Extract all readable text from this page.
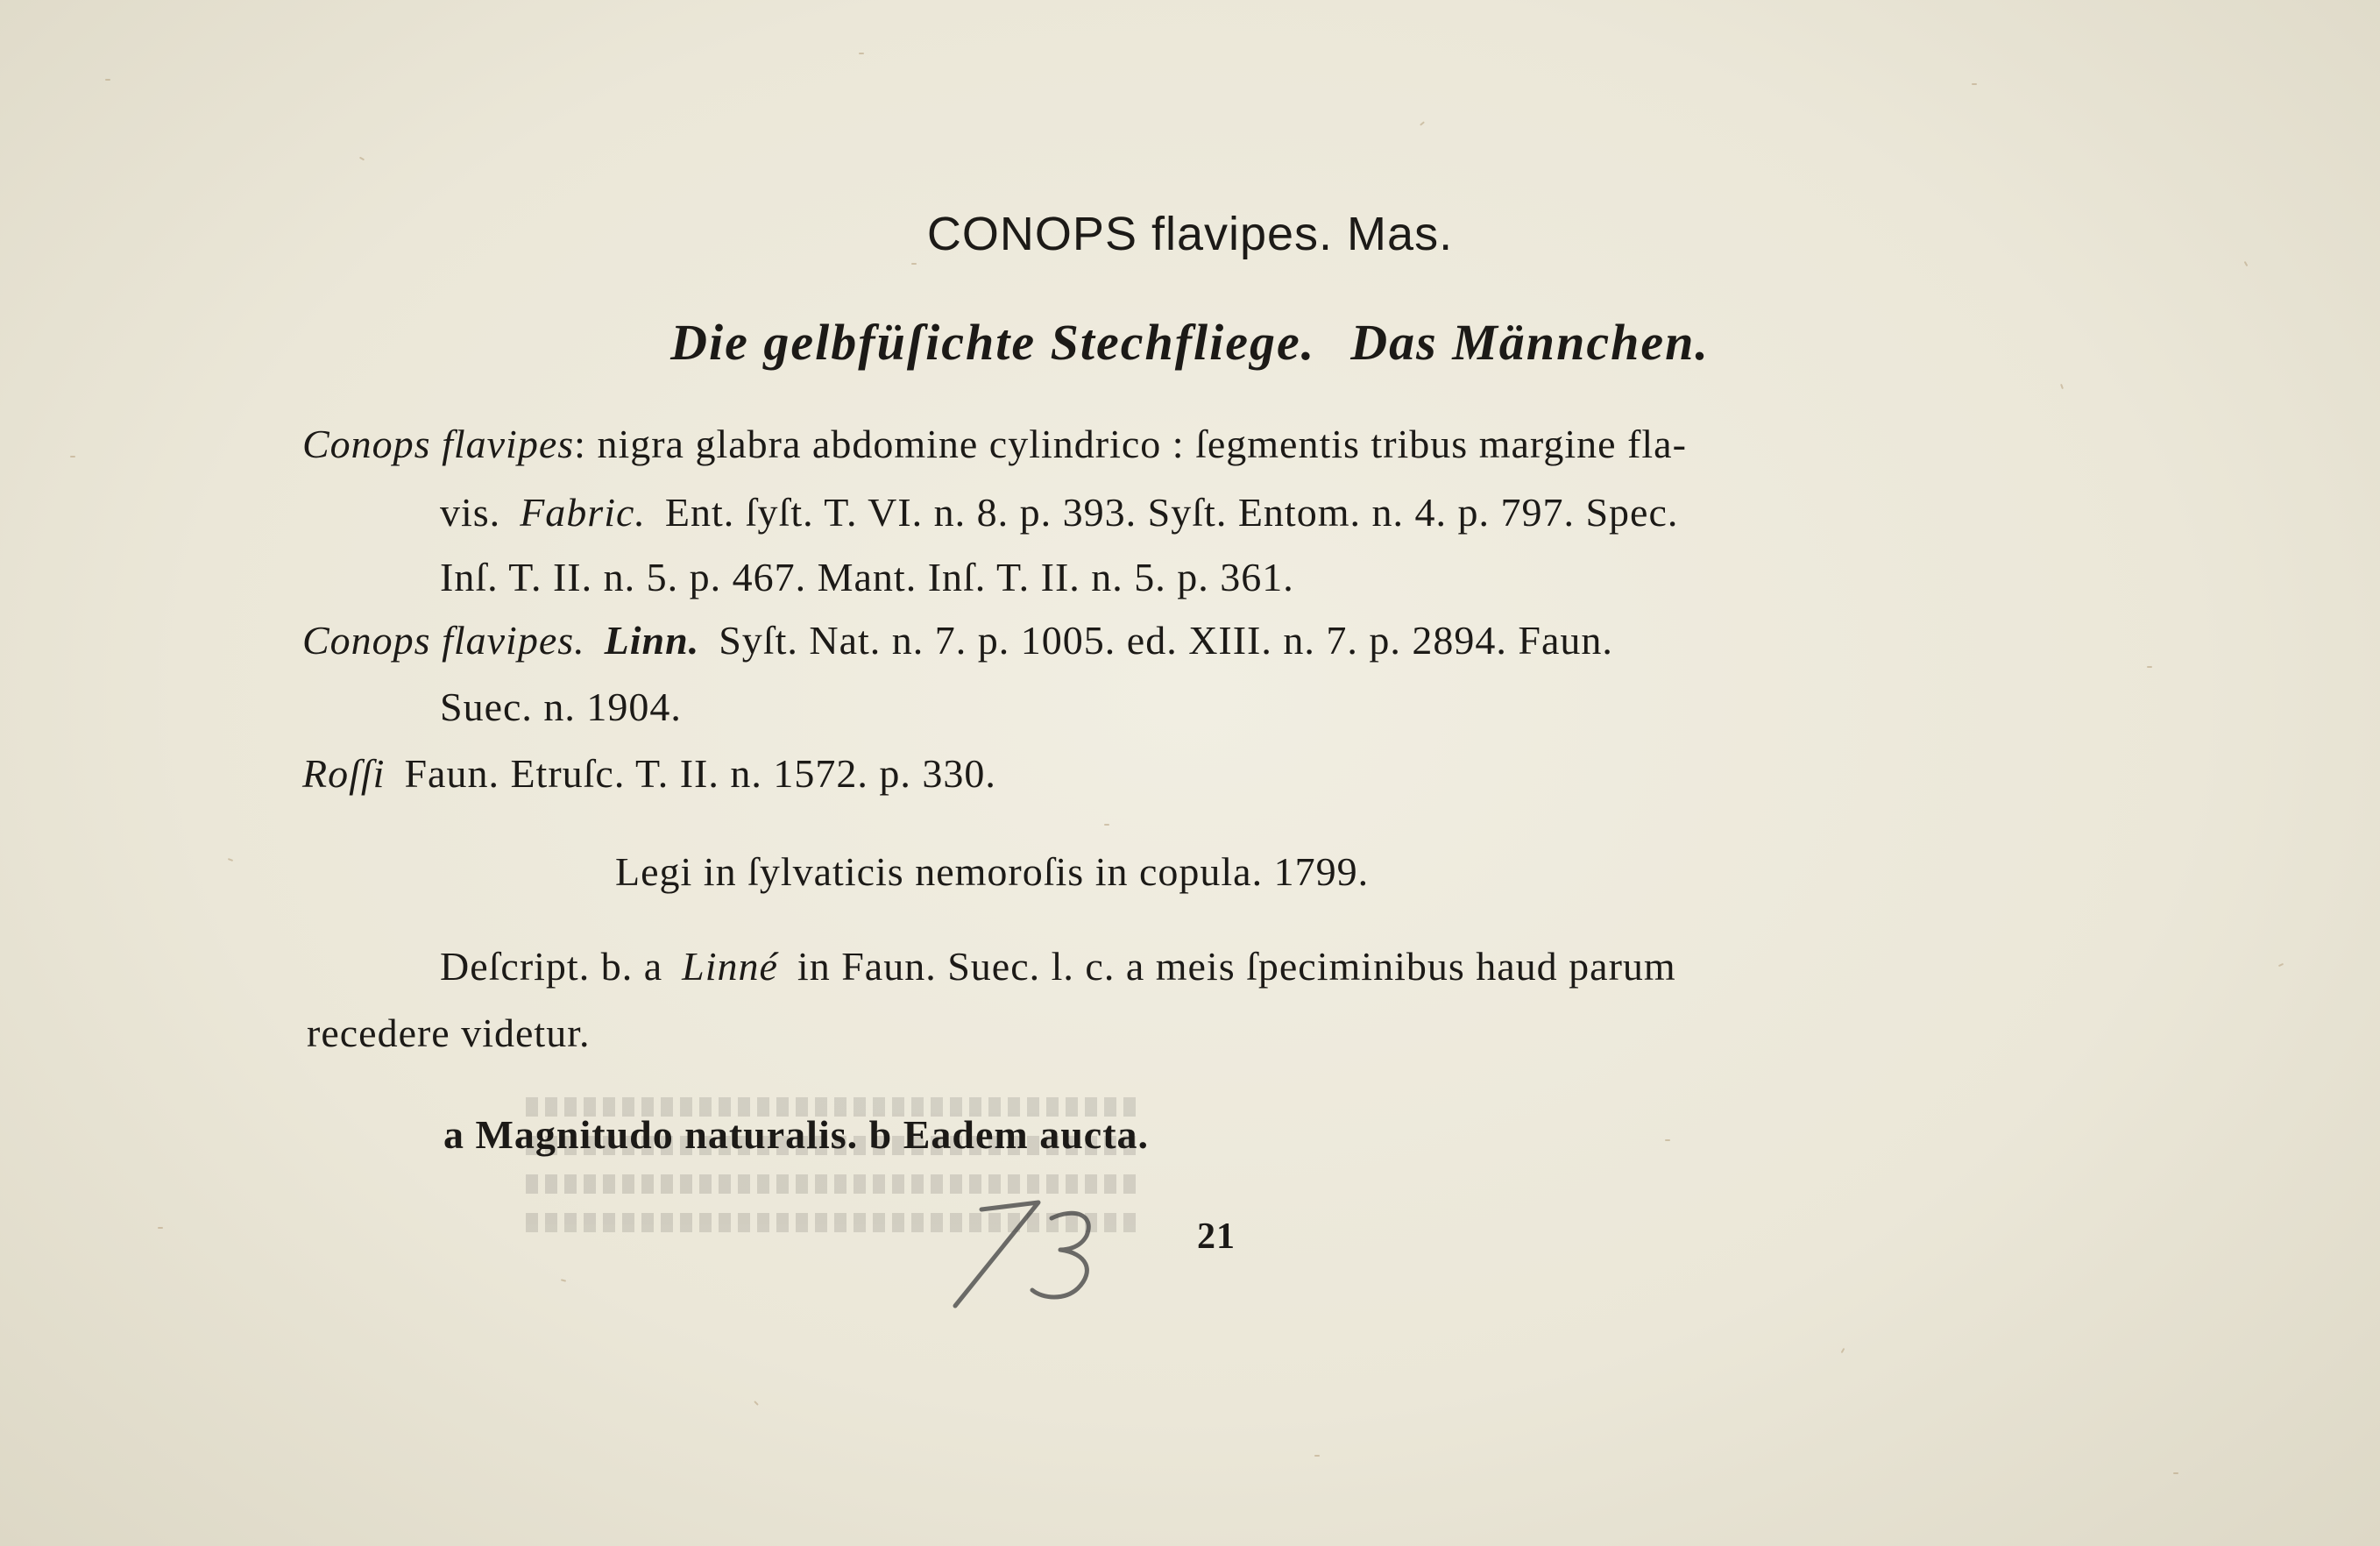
CONOPS flavipes. Mas.
Die gelbfüſichte Stechfliege. Das Männchen.
Conops flavipes: nigra glabra abdomine cylindrico : ſegmentis tribus margine fla-
vis. Fabric. Ent. ſyſt. T. VI. n. 8. p. 393. Syſt. Entom. n. 4. p. 797. Spec.
Inſ. T. II. n. 5. p. 467. Mant. Inſ. T. II. n. 5. p. 361.
Conops flavipes. Linn. Syſt. Nat. n. 7. p. 1005. ed. XIII. n. 7. p. 2894. Faun.
Suec. n. 1904.
Roſſi Faun. Etruſc. T. II. n. 1572. p. 330.
Legi in ſylvaticis nemoroſis in copula. 1799.
Deſcript. b. a Linné in Faun. Suec. l. c. a meis ſpeciminibus haud parum
recedere videtur.
a Magnitudo naturalis. b Eadem aucta.
21
